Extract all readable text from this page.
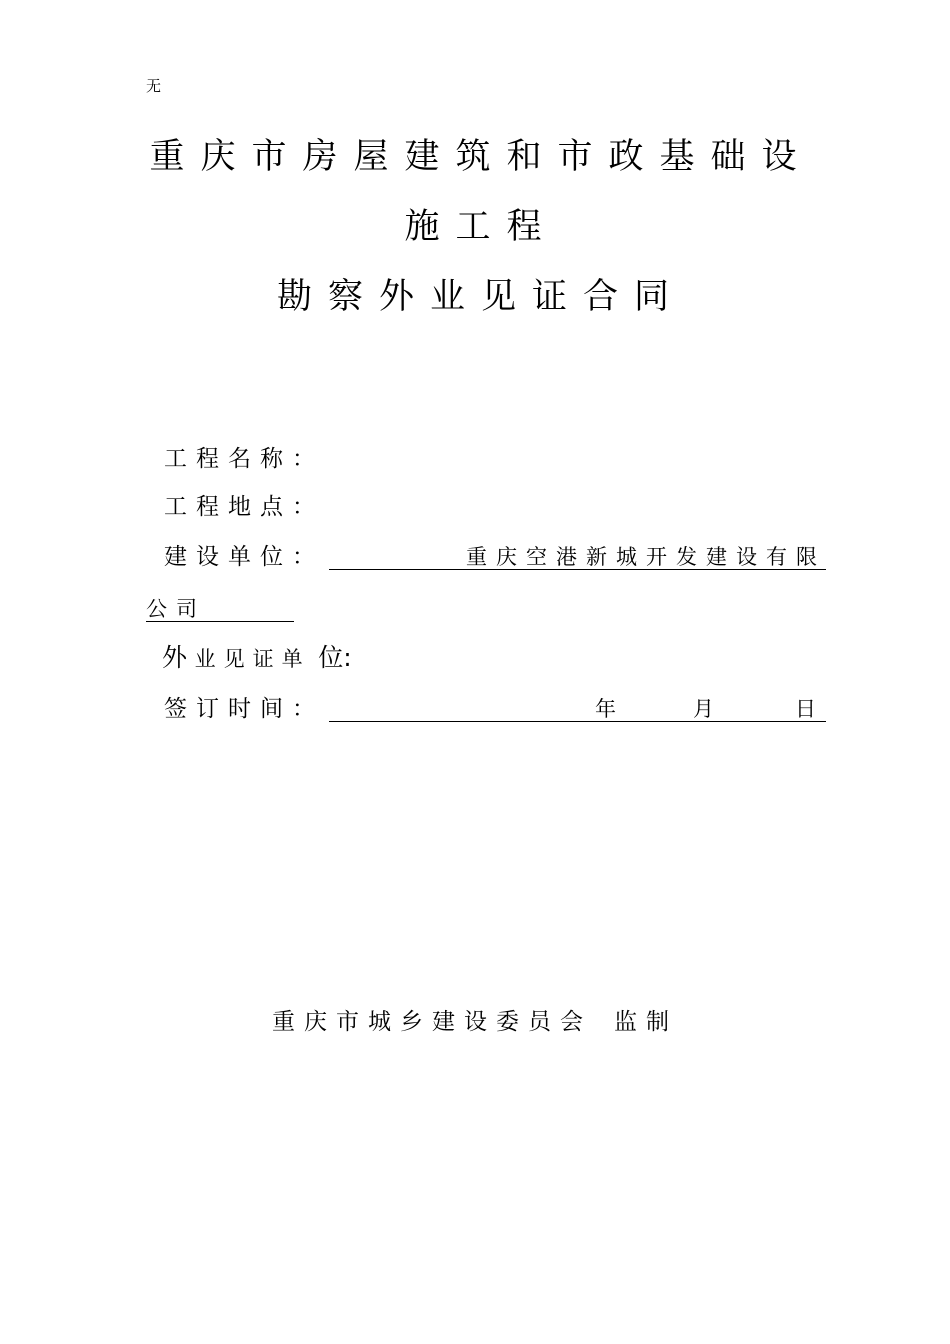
无
重庆市房屋建筑和市政基础设
施工程
勘察外业见证合同
工程名称：
工程地点：
建设单位：	重庆空港新城开发建设有限
公司
外 业见证单 位:
签订时间：	年	月	日
重庆市城乡建设委员会 监制
